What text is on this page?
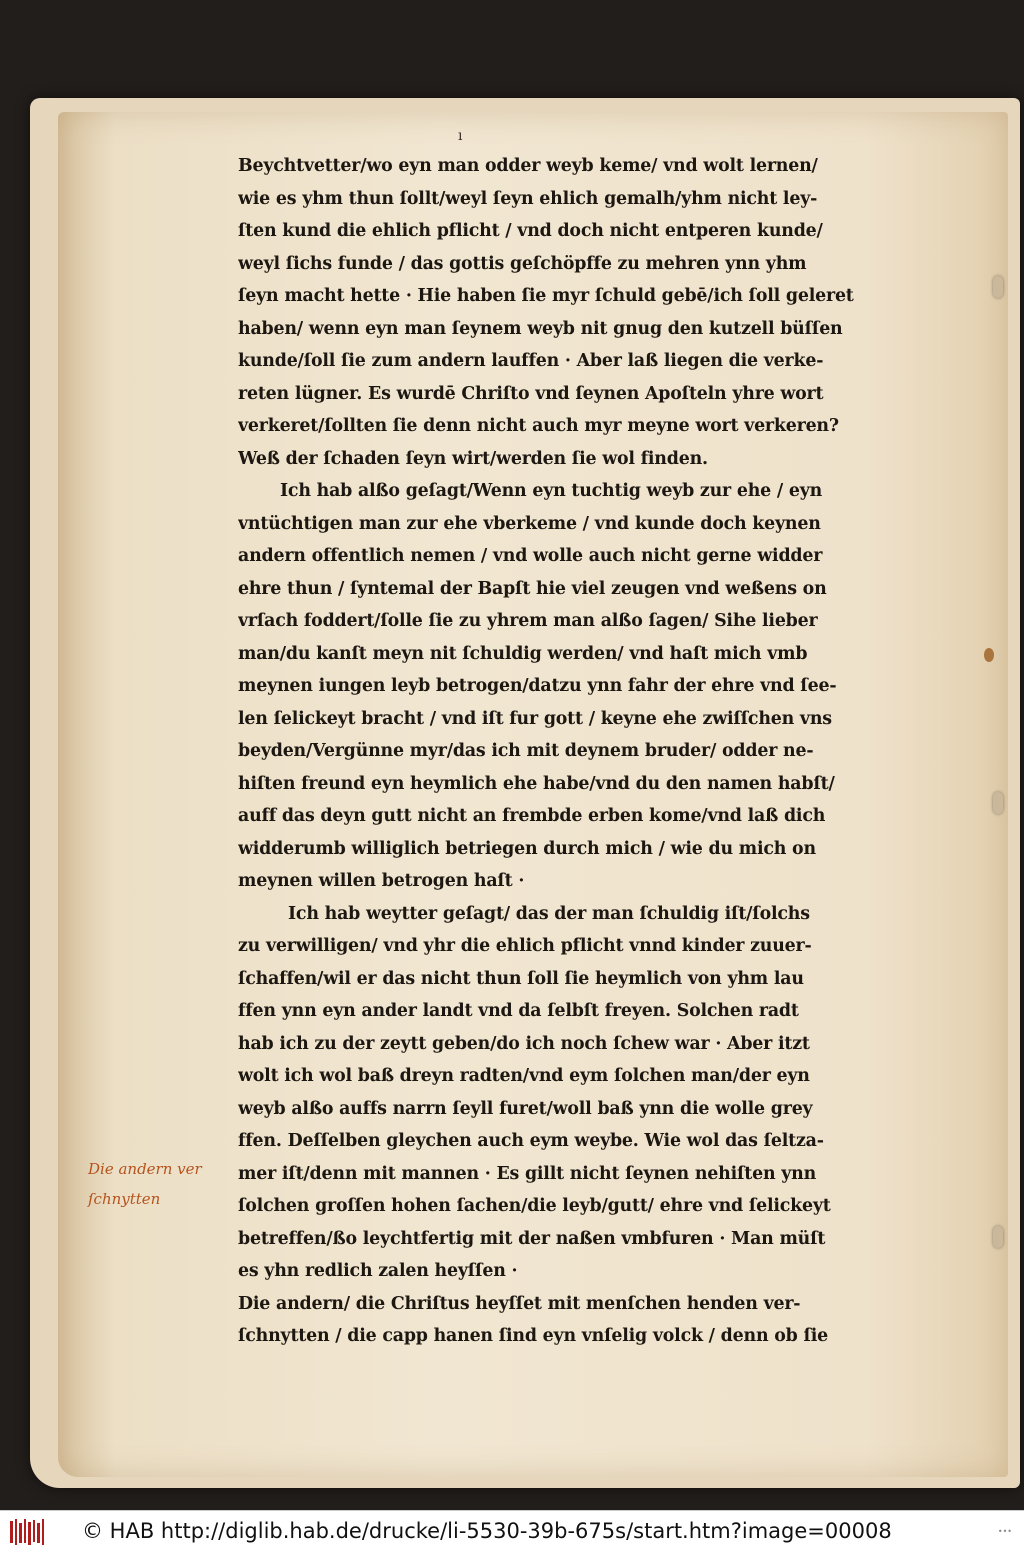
ı
Beychtvetter/wo eyn man odder weyb keme/ vnd wolt lernen/
wie es yhm thun ſollt/weyl ſeyn ehlich gemalh/yhm nicht ley-
ſten kund die ehlich pflicht / vnd doch nicht entperen kunde/
weyl ſichs funde / das gottis geſchöpffe zu mehren ynn yhm
ſeyn macht hette · Hie haben ſie myr ſchuld gebē/ich ſoll geleret
haben/ wenn eyn man ſeynem weyb nit gnug den kutzell büſſen
kunde/ſoll ſie zum andern lauffen · Aber laß liegen die verke-
reten lügner. Es wurdē Chriſto vnd ſeynen Apoſteln yhre wort
verkeret/ſollten ſie denn nicht auch myr meyne wort verkeren?
Weß der ſchaden ſeyn wirt/werden ſie wol finden.
Ich hab alßo geſagt/Wenn eyn tuchtig weyb zur ehe / eyn
vntüchtigen man zur ehe vberkeme / vnd kunde doch keynen
andern offentlich nemen / vnd wolle auch nicht gerne widder
ehre thun / ſyntemal der Bapſt hie viel zeugen vnd weßens on
vrſach foddert/ſolle ſie zu yhrem man alßo ſagen/ Sihe lieber
man/du kanſt meyn nit ſchuldig werden/ vnd haſt mich vmb
meynen iungen leyb betrogen/datzu ynn fahr der ehre vnd ſee-
len ſelickeyt bracht / vnd iſt fur gott / keyne ehe zwiſſchen vns
beyden/Vergünne myr/das ich mit deynem bruder/ odder ne-
hiſten freund eyn heymlich ehe habe/vnd du den namen habſt/
auff das deyn gutt nicht an frembde erben kome/vnd laß dich
widderumb williglich betriegen durch mich / wie du mich on
meynen willen betrogen haſt ·
Ich hab weytter geſagt/ das der man ſchuldig iſt/ſolchs
zu verwilligen/ vnd yhr die ehlich pflicht vnnd kinder zuuer-
ſchaffen/wil er das nicht thun ſoll ſie heymlich von yhm lau
ffen ynn eyn ander landt vnd da ſelbſt freyen. Solchen radt
hab ich zu der zeytt geben/do ich noch ſchew war · Aber itzt
wolt ich wol baß dreyn radten/vnd eym ſolchen man/der eyn
weyb alßo auffs narrn ſeyll furet/woll baß ynn die wolle grey
ffen. Deſſelben gleychen auch eym weybe. Wie wol das ſeltza-
mer iſt/denn mit mannen · Es gillt nicht ſeynen nehiſten ynn
ſolchen groſſen hohen ſachen/die leyb/gutt/ ehre vnd ſelickeyt
betreffen/ßo leychtfertig mit der naßen vmbfuren · Man müſt
es yhn redlich zalen heyſſen ·
Die andern/ die Chriſtus heyſſet mit menſchen henden ver-
ſchnytten / die capp hanen ſind eyn vnſelig volck / denn ob ſie
Die andern ver
ſchnytten
© HAB http://diglib.hab.de/drucke/li-5530-39b-675s/start.htm?image=00008	•••
